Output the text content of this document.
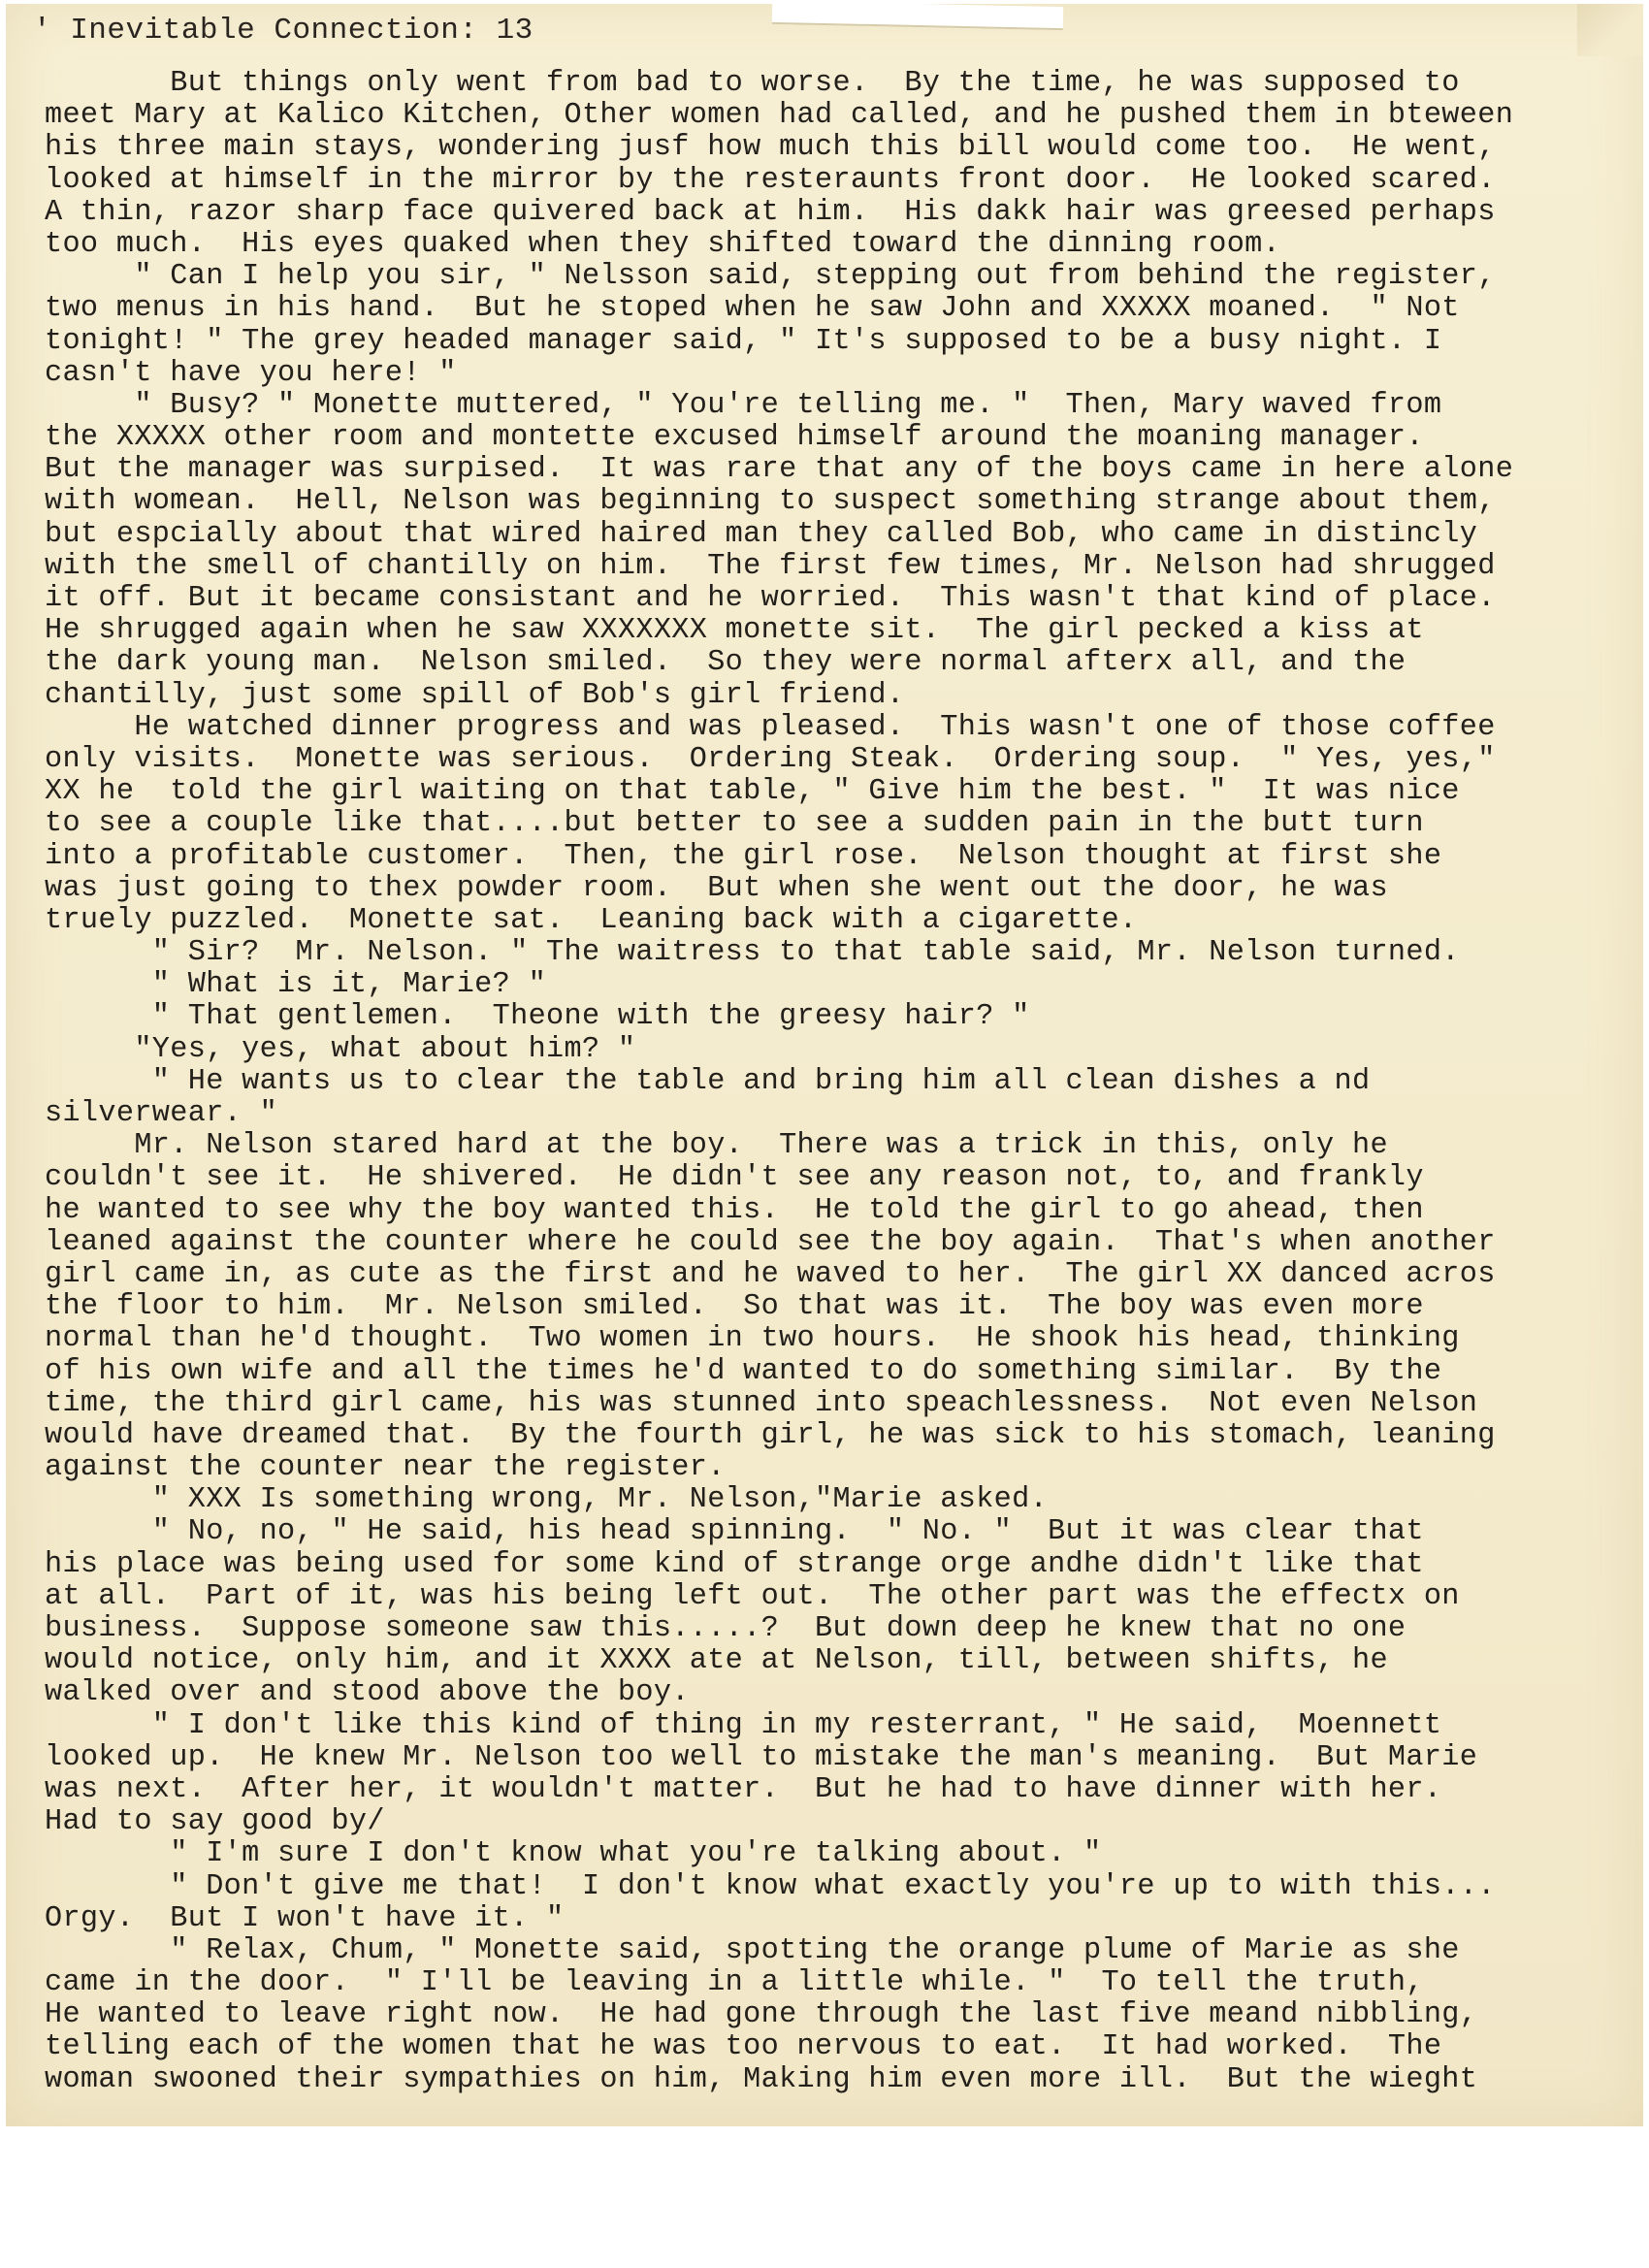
' Inevitable Connection: 13
But things only went from bad to worse.  By the time, he was supposed to
meet Mary at Kalico Kitchen, Other women had called, and he pushed them in bteween
his three main stays, wondering jusf how much this bill would come too.  He went,
looked at himself in the mirror by the resteraunts front door.  He looked scared.
A thin, razor sharp face quivered back at him.  His dakk hair was greesed perhaps
too much.  His eyes quaked when they shifted toward the dinning room.
" Can I help you sir, " Nelsson said, stepping out from behind the register,
two menus in his hand.  But he stoped when he saw John and XXXXX moaned.  " Not
tonight! " The grey headed manager said, " It's supposed to be a busy night. I
casn't have you here! "
" Busy? " Monette muttered, " You're telling me. "  Then, Mary waved from
the XXXXX other room and montette excused himself around the moaning manager.
But the manager was surpised.  It was rare that any of the boys came in here alone
with womean.  Hell, Nelson was beginning to suspect something strange about them,
but espcially about that wired haired man they called Bob, who came in distincly
with the smell of chantilly on him.  The first few times, Mr. Nelson had shrugged
it off. But it became consistant and he worried.  This wasn't that kind of place.
He shrugged again when he saw XXXXXXX monette sit.  The girl pecked a kiss at
the dark young man.  Nelson smiled.  So they were normal afterx all, and the
chantilly, just some spill of Bob's girl friend.
He watched dinner progress and was pleased.  This wasn't one of those coffee
only visits.  Monette was serious.  Ordering Steak.  Ordering soup.  " Yes, yes,"
XX he  told the girl waiting on that table, " Give him the best. "  It was nice
to see a couple like that....but better to see a sudden pain in the butt turn
into a profitable customer.  Then, the girl rose.  Nelson thought at first she
was just going to thex powder room.  But when she went out the door, he was
truely puzzled.  Monette sat.  Leaning back with a cigarette.
" Sir?  Mr. Nelson. " The waitress to that table said, Mr. Nelson turned.
" What is it, Marie? "
" That gentlemen.  Theone with the greesy hair? "
"Yes, yes, what about him? "
" He wants us to clear the table and bring him all clean dishes a nd
silverwear. "
Mr. Nelson stared hard at the boy.  There was a trick in this, only he
couldn't see it.  He shivered.  He didn't see any reason not, to, and frankly
he wanted to see why the boy wanted this.  He told the girl to go ahead, then
leaned against the counter where he could see the boy again.  That's when another
girl came in, as cute as the first and he waved to her.  The girl XX danced acros
the floor to him.  Mr. Nelson smiled.  So that was it.  The boy was even more
normal than he'd thought.  Two women in two hours.  He shook his head, thinking
of his own wife and all the times he'd wanted to do something similar.  By the
time, the third girl came, his was stunned into speachlessness.  Not even Nelson
would have dreamed that.  By the fourth girl, he was sick to his stomach, leaning
against the counter near the register.
" XXX Is something wrong, Mr. Nelson,"Marie asked.
" No, no, " He said, his head spinning.  " No. "  But it was clear that
his place was being used for some kind of strange orge andhe didn't like that
at all.  Part of it, was his being left out.  The other part was the effectx on
business.  Suppose someone saw this.....?  But down deep he knew that no one
would notice, only him, and it XXXX ate at Nelson, till, between shifts, he
walked over and stood above the boy.
" I don't like this kind of thing in my resterrant, " He said,  Moennett
looked up.  He knew Mr. Nelson too well to mistake the man's meaning.  But Marie
was next.  After her, it wouldn't matter.  But he had to have dinner with her.
Had to say good by/
" I'm sure I don't know what you're talking about. "
" Don't give me that!  I don't know what exactly you're up to with this...
Orgy.  But I won't have it. "
" Relax, Chum, " Monette said, spotting the orange plume of Marie as she
came in the door.  " I'll be leaving in a little while. "  To tell the truth,
He wanted to leave right now.  He had gone through the last five meand nibbling,
telling each of the women that he was too nervous to eat.  It had worked.  The
woman swooned their sympathies on him, Making him even more ill.  But the wieght
